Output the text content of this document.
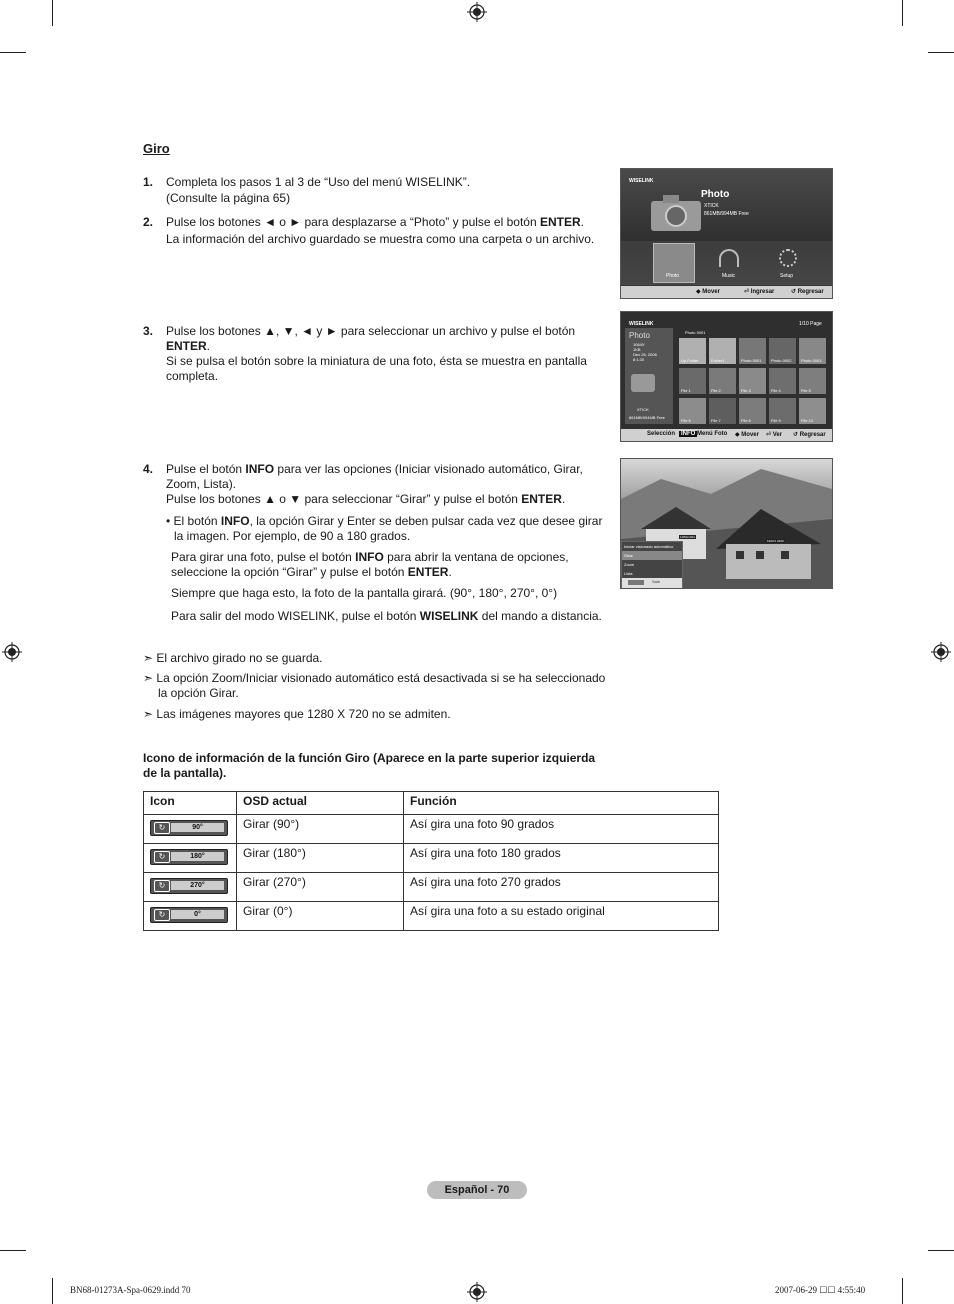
Giro
1. Completa los pasos 1 al 3 de “Uso del menú WISELINK”.

(Consulte la página 65)

2. Pulse los botones ◄ o ► para desplazarse a “Photo” y pulse el botón ENTER.

La información del archivo guardado se muestra como una carpeta o un archivo.

3. Pulse los botones ▲, ▼, ◄ y ► para seleccionar un archivo y pulse el botón

ENTER.

Si se pulsa el botón sobre la miniatura de una foto, ésta se muestra en pantalla

completa.

4. Pulse el botón INFO para ver las opciones (Iniciar visionado automático, Girar,

Zoom, Lista).

Pulse los botones ▲ o ▼ para seleccionar “Girar” y pulse el botón ENTER.

• El botón INFO, la opción Girar y Enter se deben pulsar cada vez que desee girar

la imagen. Por ejemplo, de 90 a 180 grados.

Para girar una foto, pulse el botón INFO para abrir la ventana de opciones,

seleccione la opción “Girar” y pulse el botón ENTER.

Siempre que haga esto, la foto de la pantalla girará. (90°, 180°, 270°, 0°)
Para salir del modo WISELINK, pulse el botón WISELINK del mando a distancia.
➣ El archivo girado no se guarda.
➣ La opción Zoom/Iniciar visionado automático está desactivada si se ha seleccionado
la opción Girar.
➣ Las imágenes mayores que 1280 X 720 no se admiten.
Icono de información de la función Giro (Aparece en la parte superior izquierda
de la pantalla).
Icon	OSD actual	Función

↻ 90°	Girar (90°)	Así gira una foto 90 grados

↻ 180°	Girar (180°)	Así gira una foto 180 grados

↻ 270°	Girar (270°)	Así gira una foto 270 grados

↻ 0°	Girar (0°)	Así gira una foto a su estado original
WISELINK
Photo
XTICK
861MB/994MB Free
Photo	Music	Setup
◆ Mover	⏎ Ingresar	↺ Regresar
WISELINK	1/10 Page
Photo
1064X
1KB
Dec 26, 2006
8:1:30
XTICK
861MB/994MB Free
Photo 0001
Up Folder	Folder1	Photo 0001 Photo 0002 Photo 0003
File 1	File 2	File 3	File 4	File 5
File 6	File 7	File 8	File 9	File 10
Selección INFO Menú Foto ◆ Mover ⏎ Ver ↺ Regresar
Iniciar visionado automático
Girar
Zoom
Lista
Salir
1280x1024
1920 0 2400
Español - 70
BN68-01273A-Spa-0629.indd 70	2007-06-29 ☐☐ 4:55:40
